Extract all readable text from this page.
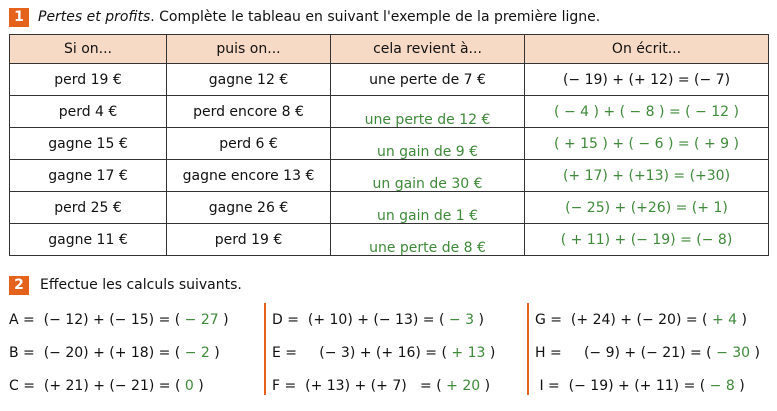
1	Pertes et profits. Complète le tableau en suivant l'exemple de la première ligne.
Si on...	puis on...	cela revient à...	On écrit...
perd 19 €	gagne 12 €	une perte de 7 €	(− 19) + (+ 12) = (− 7)
perd 4 €	perd encore 8 €	une perte de 12 €	( − 4 ) + ( − 8 ) = ( − 12 )
gagne 15 €	perd 6 €	un gain de 9 €	( + 15 ) + ( − 6 ) = ( + 9 )
gagne 17 €	gagne encore 13 €	un gain de 30 €	(+ 17) + (+13) = (+30)
perd 25 €	gagne 26 €	un gain de 1 €	(− 25) + (+26) = (+ 1)
gagne 11 €	perd 19 €	une perte de 8 €	( + 11) + (− 19) = (− 8)
2	Effectue les calculs suivants.
A =  (− 12) + (− 15) = ( − 27 )
B =  (− 20) + (+ 18) = ( − 2 )
C =  (+ 21) + (− 21) = ( 0 )
D =  (+ 10) + (− 13) = ( − 3 )
E =     (− 3) + (+ 16) = ( + 13 )
F =  (+ 13) + (+ 7)   = ( + 20 )
G =  (+ 24) + (− 20) = ( + 4 )
H =     (− 9) + (− 21) = ( − 30 )
I =  (− 19) + (+ 11) = ( − 8 )
